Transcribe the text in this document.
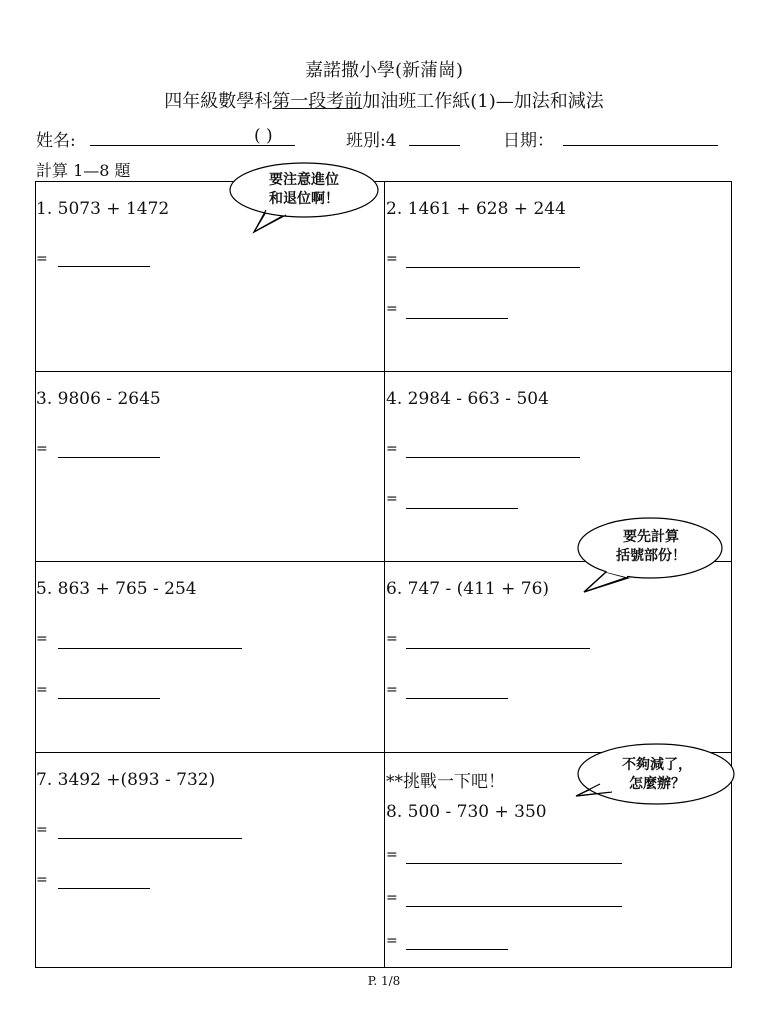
嘉諾撒小學(新蒲崗)
四年級數學科第一段考前加油班工作紙(1)—加法和減法
姓名:	( )	班別:4	日期：
計算 1—8 題
1. 5073 + 1472
=
2. 1461 + 628 + 244
=
=
3. 9806 - 2645
=
4. 2984 - 663 - 504
=
=
5. 863 + 765 - 254
=
=
6. 747 - (411 + 76)
=
=
7. 3492 +(893 - 732)
=
=
**挑戰一下吧！
8. 500 - 730 + 350
=
=
=
要注意進位
和退位啊！
要先計算
括號部份！
不夠減了，
怎麼辦？
P. 1/8
